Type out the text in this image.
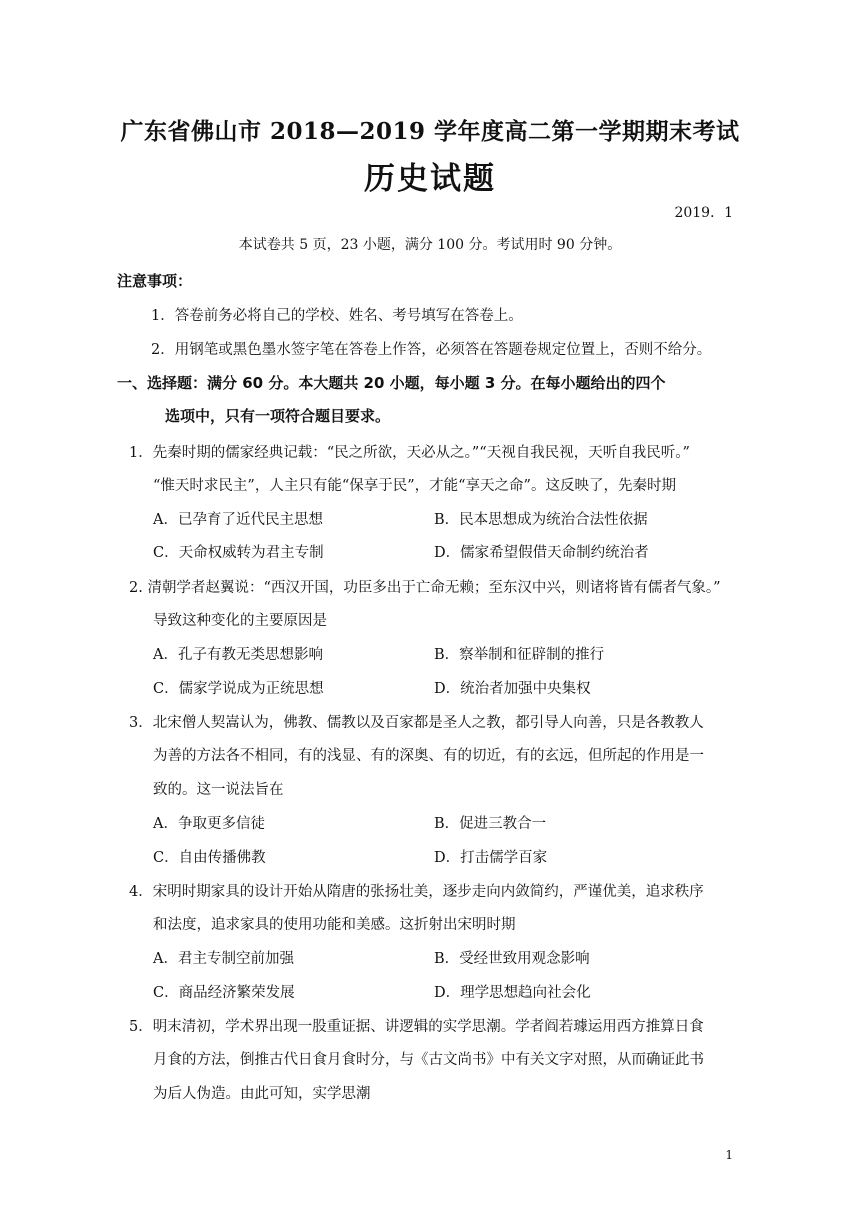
广东省佛山市 2018—2019 学年度高二第一学期期末考试
历史试题
2019．1
本试卷共 5 页，23 小题，满分 100 分。考试用时 90 分钟。
注意事项：
1．答卷前务必将自己的学校、姓名、考号填写在答卷上。
2．用钢笔或黑色墨水签字笔在答卷上作答，必须答在答题卷规定位置上，否则不给分。
一、选择题：满分 60 分。本大题共 20 小题，每小题 3 分。在每小题给出的四个
选项中，只有一项符合题目要求。
1．先秦时期的儒家经典记载：“民之所欲，天必从之。”“天视自我民视，天听自我民听。”
“惟天时求民主”，人主只有能“保享于民”，才能“享天之命”。这反映了，先秦时期
A．已孕育了近代民主思想	B．民本思想成为统治合法性依据
C．天命权威转为君主专制	D．儒家希望假借天命制约统治者
2. 清朝学者赵翼说：“西汉开国，功臣多出于亡命无赖；至东汉中兴，则诸将皆有儒者气象。”
导致这种变化的主要原因是
A．孔子有教无类思想影响	B．察举制和征辟制的推行
C．儒家学说成为正统思想	D．统治者加强中央集权
3．北宋僧人契嵩认为，佛教、儒教以及百家都是圣人之教，都引导人向善，只是各教教人
为善的方法各不相同，有的浅显、有的深奥、有的切近，有的玄远，但所起的作用是一
致的。这一说法旨在
A．争取更多信徒	B．促进三教合一
C．自由传播佛教	D．打击儒学百家
4．宋明时期家具的设计开始从隋唐的张扬壮美，逐步走向内敛简约，严谨优美，追求秩序
和法度，追求家具的使用功能和美感。这折射出宋明时期
A．君主专制空前加强	B．受经世致用观念影响
C．商品经济繁荣发展	D．理学思想趋向社会化
5．明末清初，学术界出现一股重证据、讲逻辑的实学思潮。学者阎若璩运用西方推算日食
月食的方法，倒推古代日食月食时分，与《古文尚书》中有关文字对照，从而确证此书
为后人伪造。由此可知，实学思潮
1
